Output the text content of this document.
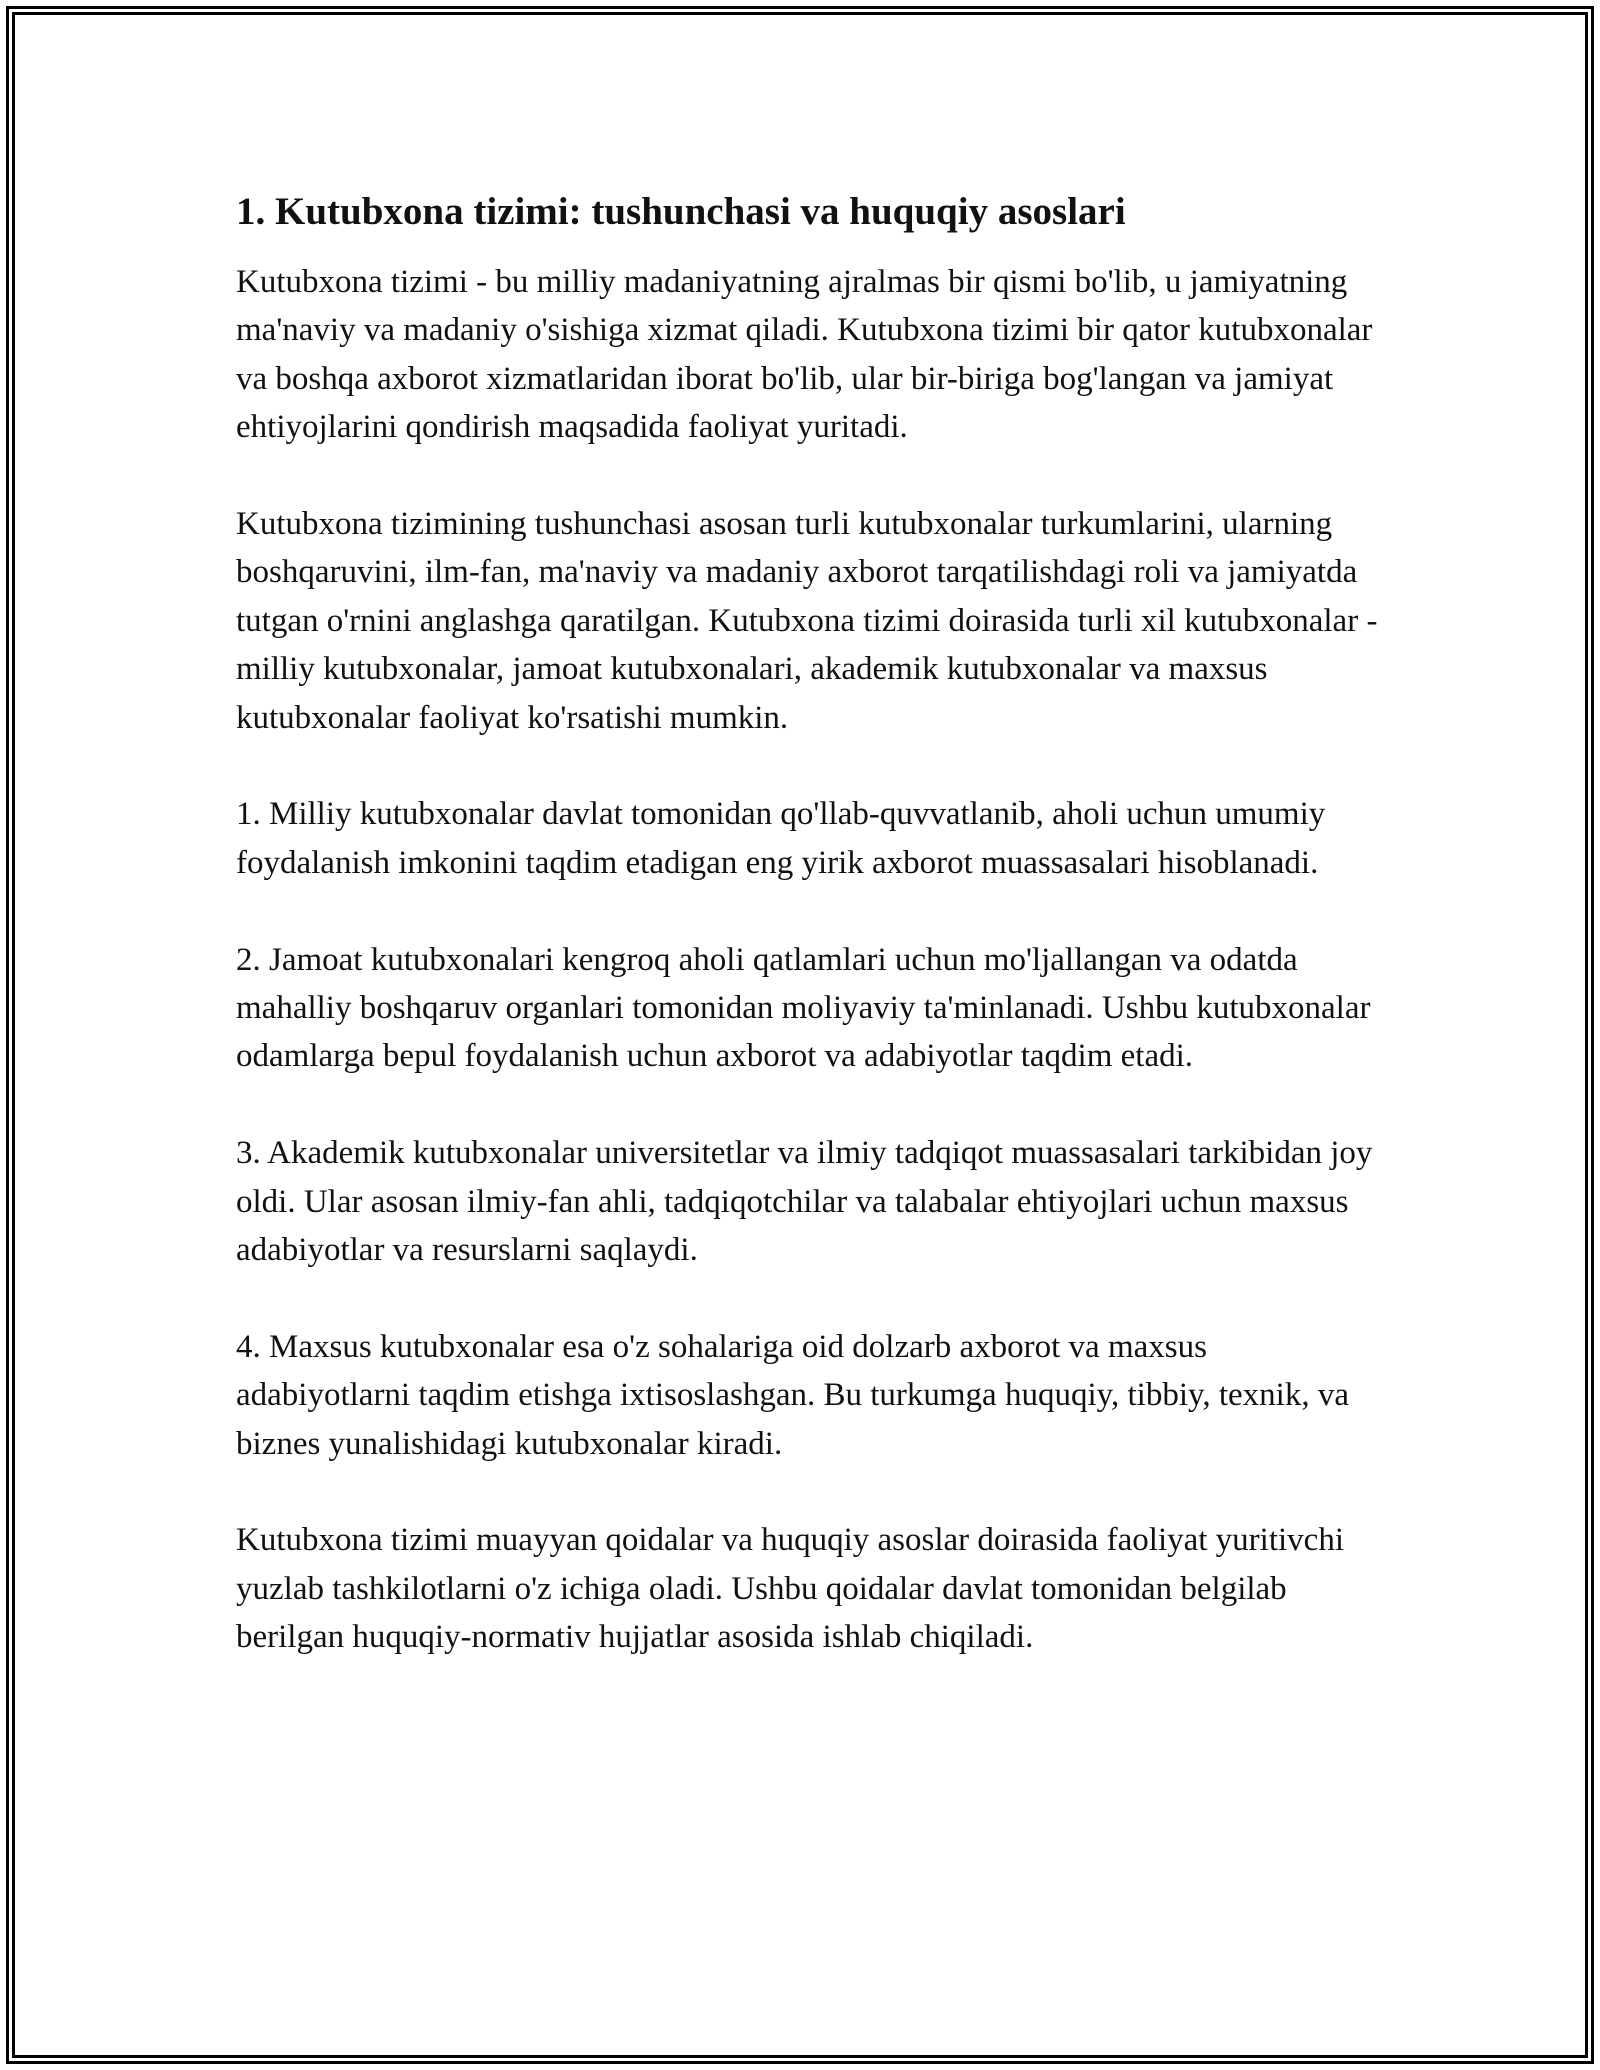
1. Kutubxona tizimi: tushunchasi va huquqiy asoslari

Kutubxona tizimi - bu milliy madaniyatning ajralmas bir qismi bo'lib, u jamiyatning ma'naviy va madaniy o'sishiga xizmat qiladi. Kutubxona tizimi bir qator kutubxonalar va boshqa axborot xizmatlaridan iborat bo'lib, ular bir-biriga bog'langan va jamiyat ehtiyojlarini qondirish maqsadida faoliyat yuritadi.

Kutubxona tizimining tushunchasi asosan turli kutubxonalar turkumlarini, ularning boshqaruvini, ilm-fan, ma'naviy va madaniy axborot tarqatilishdagi roli va jamiyatda tutgan o'rnini anglashga qaratilgan. Kutubxona tizimi doirasida turli xil kutubxonalar - milliy kutubxonalar, jamoat kutubxonalari, akademik kutubxonalar va maxsus kutubxonalar faoliyat ko'rsatishi mumkin.

1. Milliy kutubxonalar davlat tomonidan qo'llab-quvvatlanib, aholi uchun umumiy foydalanish imkonini taqdim etadigan eng yirik axborot muassasalari hisoblanadi.

2. Jamoat kutubxonalari kengroq aholi qatlamlari uchun mo'ljallangan va odatda mahalliy boshqaruv organlari tomonidan moliyaviy ta'minlanadi. Ushbu kutubxonalar odamlarga bepul foydalanish uchun axborot va adabiyotlar taqdim etadi.

3. Akademik kutubxonalar universitetlar va ilmiy tadqiqot muassasalari tarkibidan joy oldi. Ular asosan ilmiy-fan ahli, tadqiqotchilar va talabalar ehtiyojlari uchun maxsus adabiyotlar va resurslarni saqlaydi.

4. Maxsus kutubxonalar esa o'z sohalariga oid dolzarb axborot va maxsus adabiyotlarni taqdim etishga ixtisoslashgan. Bu turkumga huquqiy, tibbiy, texnik, va biznes yunalishidagi kutubxonalar kiradi.

Kutubxona tizimi muayyan qoidalar va huquqiy asoslar doirasida faoliyat yuritivchi yuzlab tashkilotlarni o'z ichiga oladi. Ushbu qoidalar davlat tomonidan belgilab berilgan huquqiy-normativ hujjatlar asosida ishlab chiqiladi.
